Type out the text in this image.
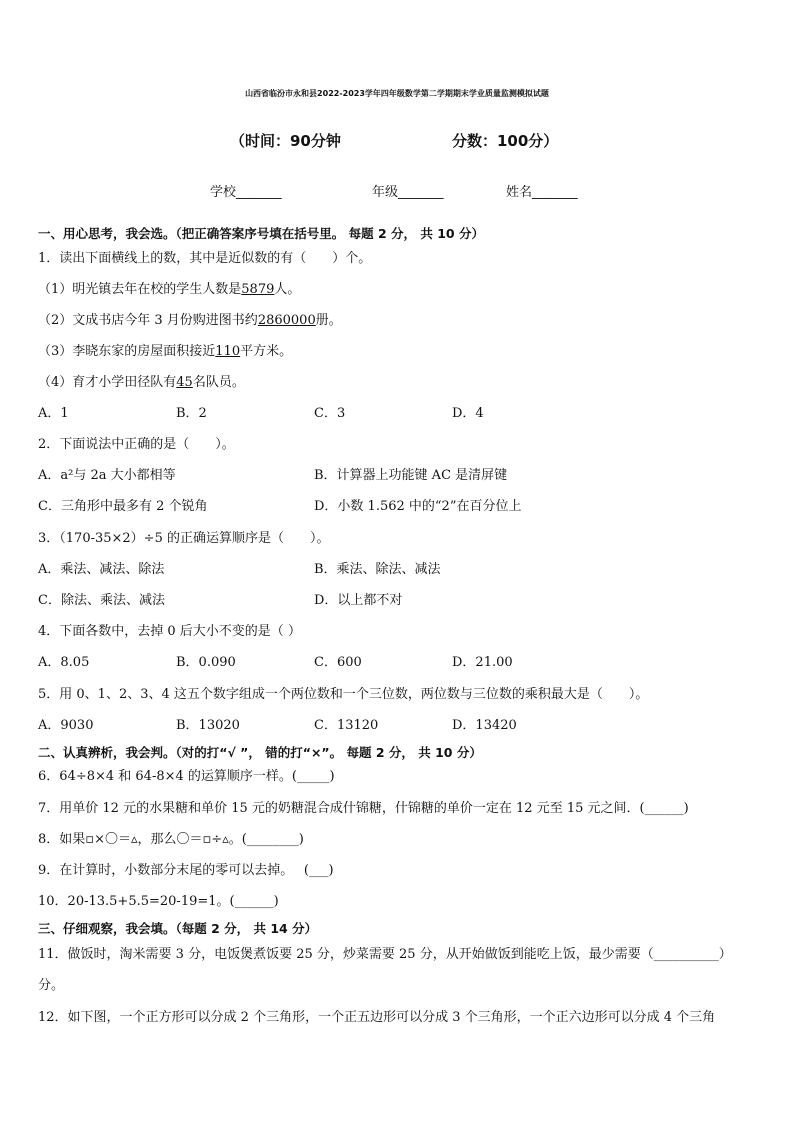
山西省临汾市永和县2022-2023学年四年级数学第二学期期末学业质量监测模拟试题
（时间：90分钟	分数：100分）
学校_______	年级_______	姓名_______
一、用心思考，我会选。（把正确答案序号填在括号里。 每题 2 分， 共 10 分）
1．读出下面横线上的数，其中是近似数的有（　　）个。
（1）明光镇去年在校的学生人数是5879人。
（2）文成书店今年 3 月份购进图书约2860000册。
（3）李晓东家的房屋面积接近110平方米。
（4）育才小学田径队有45名队员。
A．1	B．2	C．3	D．4
2．下面说法中正确的是（　　）。
A．a²与 2a 大小都相等	B．计算器上功能键 AC 是清屏键
C．三角形中最多有 2 个锐角	D．小数 1.562 中的“2”在百分位上
3．（170-35×2）÷5 的正确运算顺序是（　　）。
A．乘法、减法、除法	B．乘法、除法、减法
C．除法、乘法、减法	D．以上都不对
4．下面各数中，去掉 0 后大小不变的是（ ）
A．8.05	B．0.090	C．600	D．21.00
5．用 0、1、2、3、4 这五个数字组成一个两位数和一个三位数，两位数与三位数的乘积最大是（　　）。
A．9030	B．13020	C．13120	D．13420
二、认真辨析，我会判。（对的打“√ ”， 错的打“×”。 每题 2 分， 共 10 分）
6．64÷8×4 和 64-8×4 的运算顺序一样。(_____)
7．用单价 12 元的水果糖和单价 15 元的奶糖混合成什锦糖，什锦糖的单价一定在 12 元至 15 元之间．(______)
8．如果▫×〇＝▵，那么〇＝▫÷▵。(________)
9．在计算时，小数部分末尾的零可以去掉。　 (___)
10．20-13.5+5.5=20-19=1。(______)
三、仔细观察，我会填。（每题 2 分， 共 14 分）
11．做饭时，淘米需要 3 分，电饭煲煮饭要 25 分，炒菜需要 25 分，从开始做饭到能吃上饭，最少需要（__________）
分。
12．如下图，一个正方形可以分成 2 个三角形，一个正五边形可以分成 3 个三角形，一个正六边形可以分成 4 个三角
